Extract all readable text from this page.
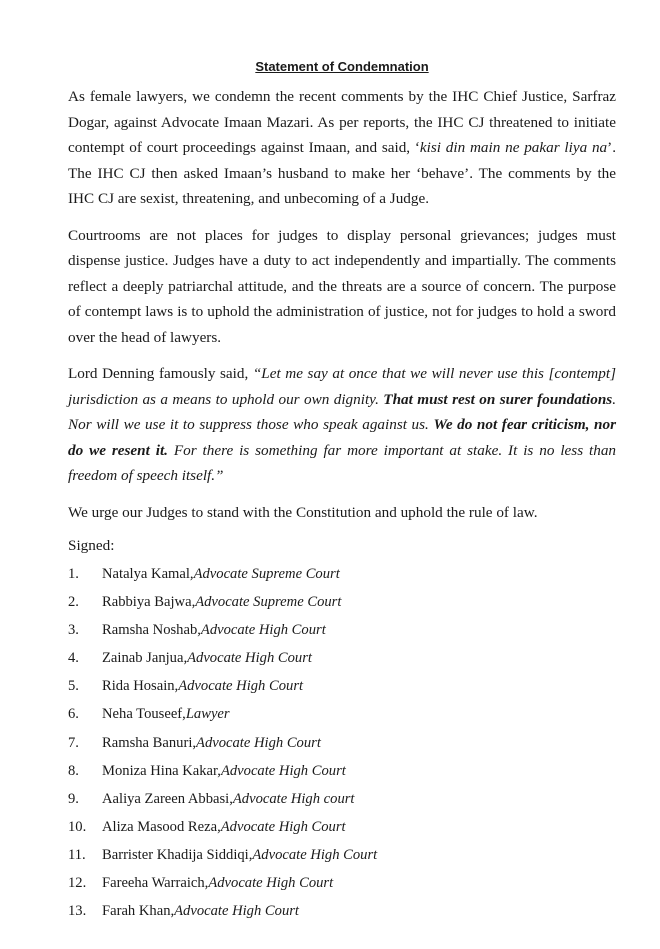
Statement of Condemnation

As female lawyers, we condemn the recent comments by the IHC Chief Justice, Sarfraz Dogar, against Advocate Imaan Mazari. As per reports, the IHC CJ threatened to initiate contempt of court proceedings against Imaan, and said, ‘kisi din main ne pakar liya na’. The IHC CJ then asked Imaan’s husband to make her ‘behave’. The comments by the IHC CJ are sexist, threatening, and unbecoming of a Judge.

Courtrooms are not places for judges to display personal grievances; judges must dispense justice. Judges have a duty to act independently and impartially. The comments reflect a deeply patriarchal attitude, and the threats are a source of concern. The purpose of contempt laws is to uphold the administration of justice, not for judges to hold a sword over the head of lawyers.

Lord Denning famously said, “Let me say at once that we will never use this [contempt] jurisdiction as a means to uphold our own dignity. That must rest on surer foundations. Nor will we use it to suppress those who speak against us. We do not fear criticism, nor do we resent it. For there is something far more important at stake. It is no less than freedom of speech itself.”

We urge our Judges to stand with the Constitution and uphold the rule of law.

Signed:
1.	Natalya Kamal, Advocate Supreme Court
2.	Rabbiya Bajwa, Advocate Supreme Court
3.	Ramsha Noshab, Advocate High Court
4.	Zainab Janjua, Advocate High Court
5.	Rida Hosain, Advocate High Court
6.	Neha Touseef, Lawyer
7.	Ramsha Banuri, Advocate High Court
8.	Moniza Hina Kakar, Advocate High Court
9.	Aaliya Zareen Abbasi, Advocate High court
10.	Aliza Masood Reza, Advocate High Court
11.	Barrister Khadija Siddiqi, Advocate High Court
12.	Fareeha Warraich, Advocate High Court
13.	Farah Khan, Advocate High Court
